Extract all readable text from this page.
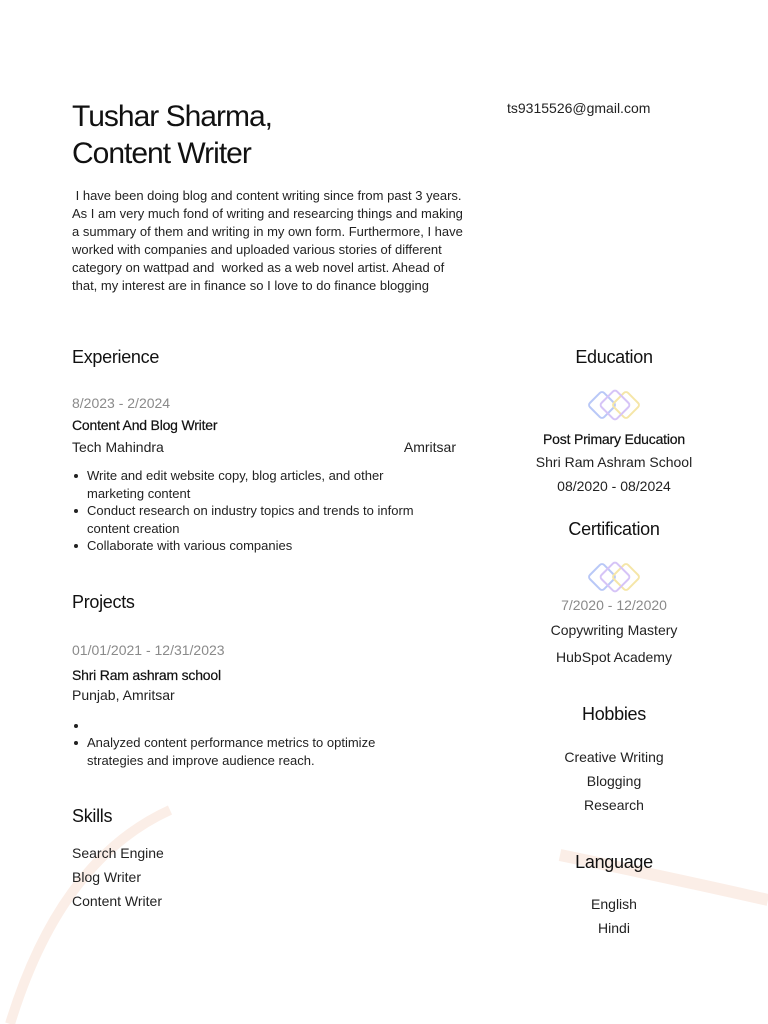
Tushar Sharma,
Content Writer
ts9315526@gmail.com
I have been doing blog and content writing since from past 3 years.
As I am very much fond of writing and researcing things and making
a summary of them and writing in my own form. Furthermore, I have
worked with companies and uploaded various stories of different
category on wattpad and  worked as a web novel artist. Ahead of
that, my interest are in finance so I love to do finance blogging
Experience
8/2023 - 2/2024
Content And Blog Writer
Tech Mahindra	Amritsar
Write and edit website copy, blog articles, and other marketing content
Conduct research on industry topics and trends to inform content creation
Collaborate with various companies
Projects
01/01/2021 - 12/31/2023
Shri Ram ashram school
Punjab, Amritsar
Analyzed content performance metrics to optimize strategies and improve audience reach.
Skills
Search Engine
Blog Writer
Content Writer
Education
Post Primary Education
Shri Ram Ashram School
08/2020 - 08/2024
Certification
7/2020 - 12/2020
Copywriting Mastery
HubSpot Academy
Hobbies
Creative Writing
Blogging
Research
Language
English
Hindi
